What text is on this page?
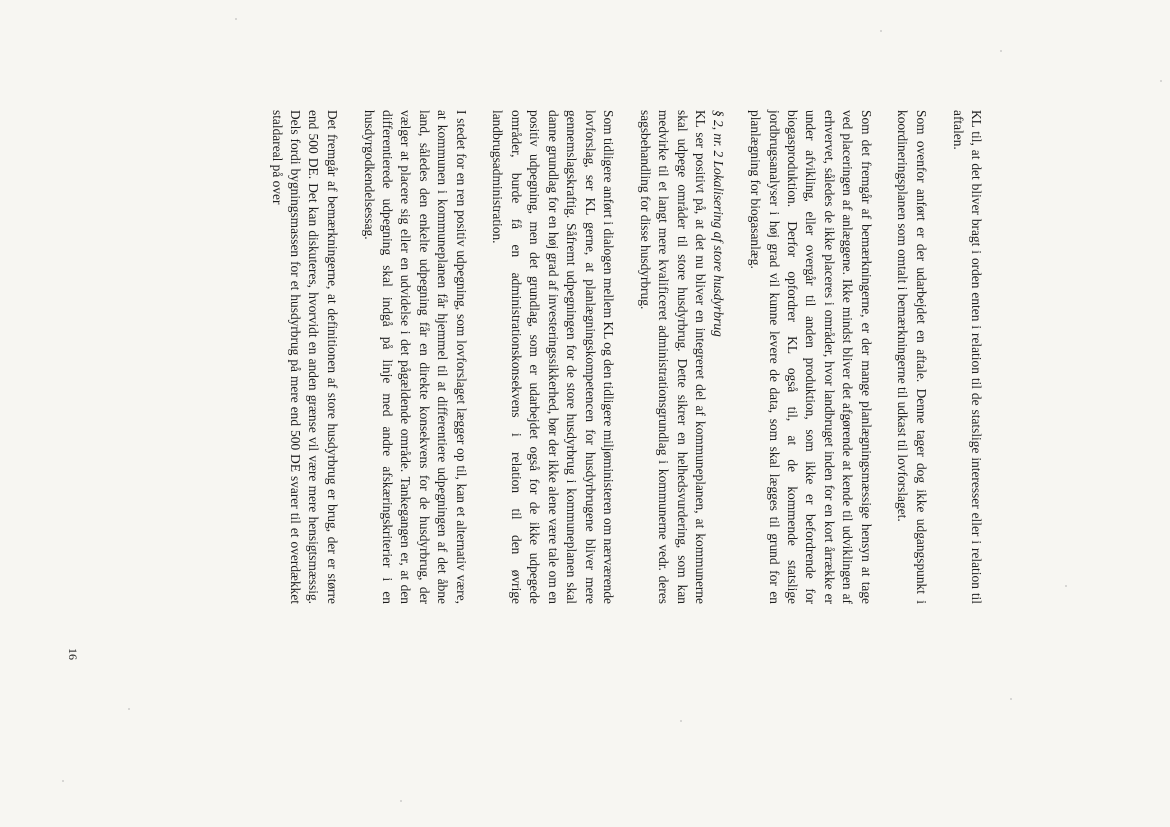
KL til, at det bliver bragt i orden enten i relation til de statslige interesser eller i relation til aftalen.

Som ovenfor anført er der udarbejdet en aftale. Denne tager dog ikke udgangspunkt i koordineringsplanen som omtalt i bemærkningerne til udkast til lovforslaget.

Som det fremgår af bemærkningerne, er der mange planlægningsmæssige hensyn at tage ved placeringen af anlæggene. Ikke mindst bliver det afgørende at kende til udviklingen af erhvervet, således de ikke placeres i områder, hvor landbruget inden for en kort årrække er under afvikling, eller overgår til anden produktion, som ikke er befordrende for biogasproduktion. Derfor opfordrer KL også til, at de kommende statslige jordbrugsanalyser i høj grad vil kunne levere de data, som skal lægges til grund for en planlægning for biogasanlæg.

§ 2, nr. 2 Lokalisering af store husdyrbrug

KL ser positivt på, at det nu bliver en integreret del af kommuneplanen, at kommunerne skal udpege områder til store husdyrbrug. Dette sikrer en helhedsvurdering, som kan medvirke til et langt mere kvalificeret administrationsgrundlag i kommunerne vedr. deres sagsbehandling for disse husdyrbrug.

Som tidligere anført i dialogen mellem KL og den tidligere miljøministeren om nærværende lovforslag, ser KL gerne, at planlægningskompetencen for husdyrbrugene bliver mere gennemslagskraftig. Såfremt udpegningen for de store husdyrbrug i kommuneplanen skal danne grundlag for en høj grad af investeringssikkerhed, bør der ikke alene være tale om en positiv udpegning, men det grundlag, som er udarbejdet også for de ikke udpegede områder, burde få en administrationskonsekvens i relation til den øvrige landbrugsadministration.

I stedet for en ren positiv udpegning, som lovforslaget lægger op til, kan et alternativ være, at kommunen i kommuneplanen får hjemmel til at differentiere udpegningen af det åbne land, således den enkelte udpegning får en direkte konsekvens for de husdyrbrug, der vælger at placere sig eller en udvidelse i det pågældende område. Tankegangen er, at den differentierede udpegning skal indgå på linje med andre afskæringskriterier i en husdyrgodkendelsessag.

Det fremgår af bemærkningerne, at definitionen af store husdyrbrug er brug, der er større end 500 DE. Det kan diskuteres, hvorvidt en anden grænse vil være mere hensigtsmæssig. Dels fordi bygningsmassen for et husdyrbrug på mere end 500 DE svarer til et overdækket staldareal på over

16
